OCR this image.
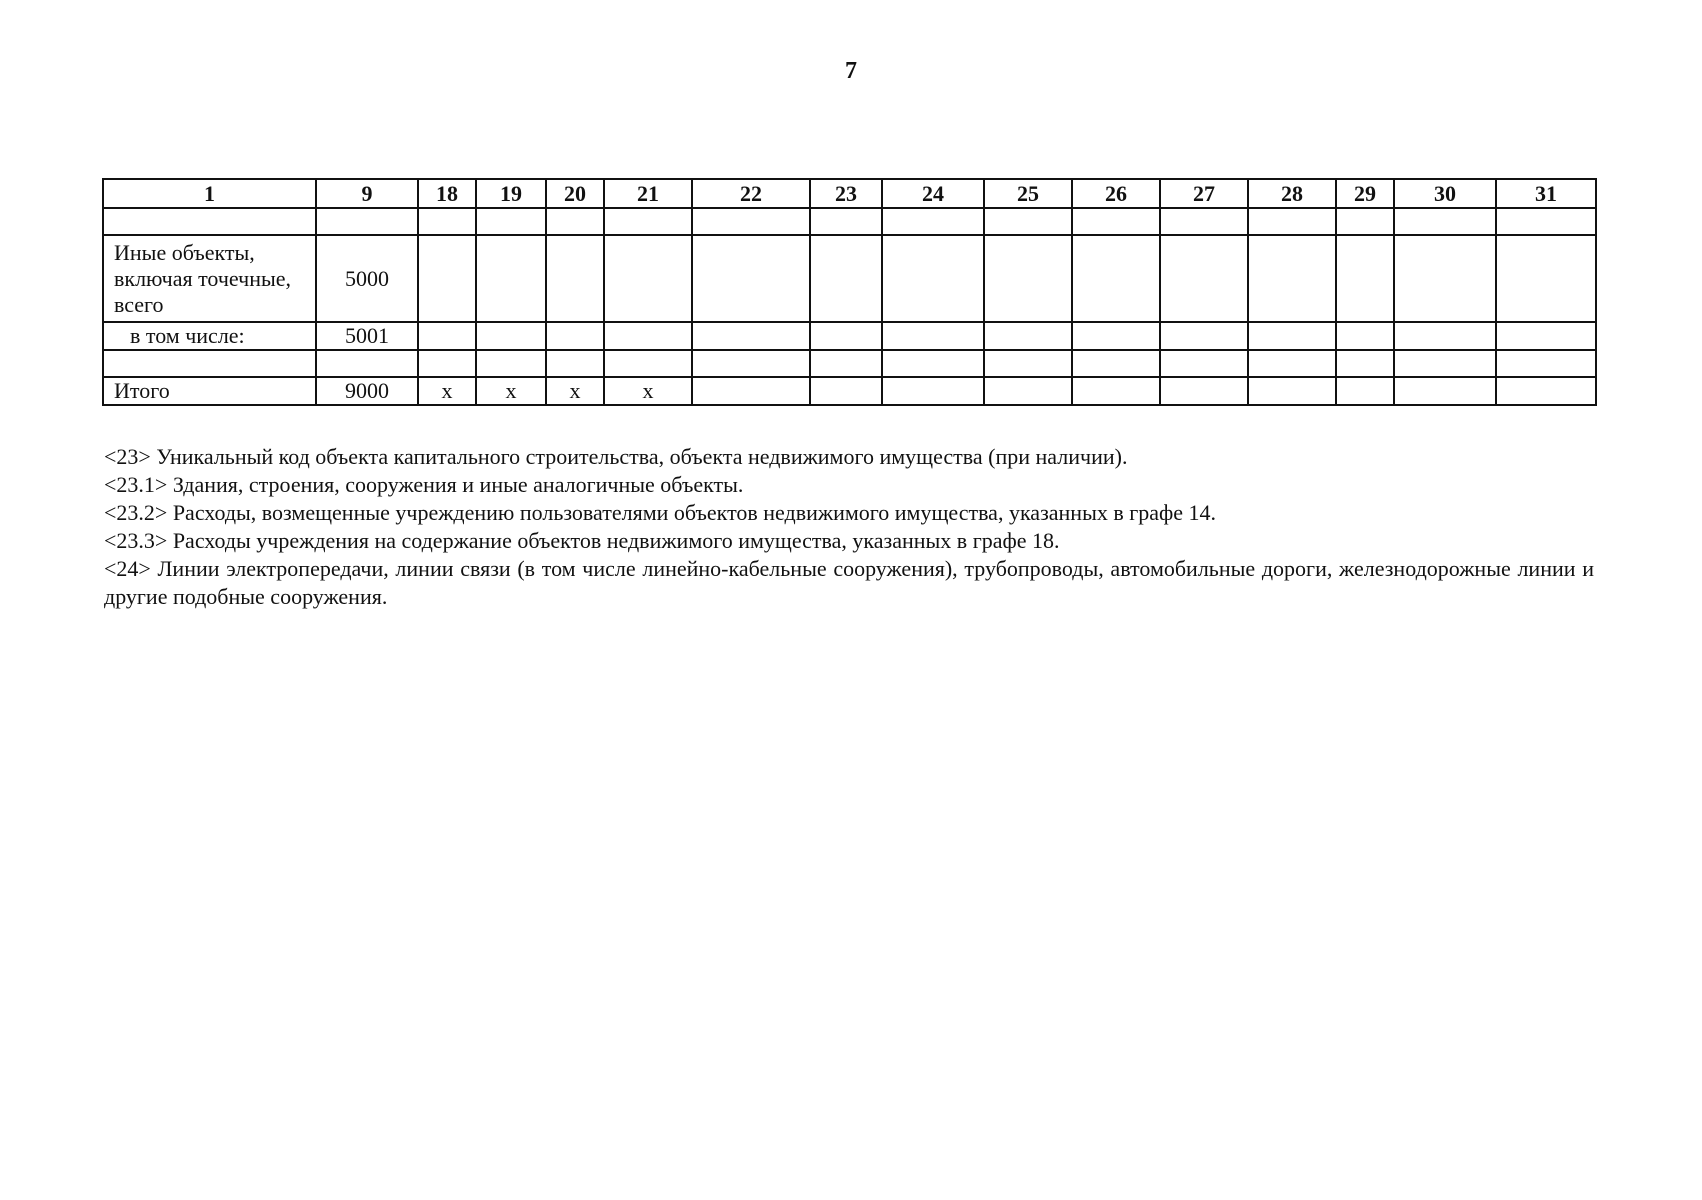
7
1	9	18	19	20	21	22	23	24	25	26	27	28	29	30	31

Иные объекты, включая точечные, всего	5000														
в том числе:	5001														

Итого	9000	х	х	х	х										

<23> Уникальный код объекта капитального строительства, объекта недвижимого имущества (при наличии).

<23.1> Здания, строения, сооружения и иные аналогичные объекты.

<23.2> Расходы, возмещенные учреждению пользователями объектов недвижимого имущества, указанных в графе 14.

<23.3> Расходы учреждения на содержание объектов недвижимого имущества, указанных в графе 18.

<24> Линии электропередачи, линии связи (в том числе линейно-кабельные сооружения), трубопроводы, автомобильные дороги, железнодорожные линии и другие подобные сооружения.
